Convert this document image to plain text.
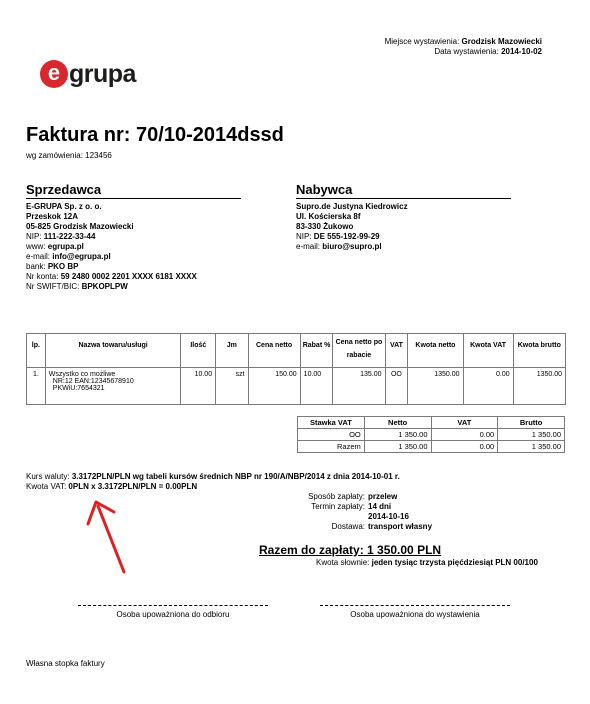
Miejsce wystawienia: Grodzisk Mazowiecki
Data wystawienia: 2014-10-02
e grupa
Faktura nr: 70/10-2014dssd
wg zamówienia: 123456
Sprzedawca
E-GRUPA Sp. z o. o.
Przeskok 12A
05-825 Grodzisk Mazowiecki
NIP: 111-222-33-44
www: egrupa.pl
e-mail: info@egrupa.pl
bank: PKO BP
Nr konta: 59 2480 0002 2201 XXXX 6181 XXXX
Nr SWIFT/BIC: BPKOPLPW
Nabywca
Supro.de Justyna Kiedrowicz
Ul. Kościerska 8f
83-330 Żukowo
NIP: DE 555-192-99-29
e-mail: biuro@supro.pl
lp.	Nazwa towaru/usługi	Ilość	Jm	Cena netto	Rabat %	Cena netto po rabacie	VAT	Kwota netto	Kwota VAT	Kwota brutto
1.	Wszystko co możliwe
NR:12 EAN:12345678910
PKWiU:7654321	10.00	szt	150.00	10.00	135.00	OO	1350.00	0.00	1350.00
Stawka VAT	Netto	VAT	Brutto
OO	1 350.00	0.00	1 350.00
Razem	1 350.00	0.00	1 350.00
Kurs waluty: 3.3172PLN/PLN wg tabeli kursów średnich NBP nr 190/A/NBP/2014 z dnia 2014-10-01 r.
Kwota VAT: 0PLN x 3.3172PLN/PLN = 0.00PLN
Sposób zapłaty: przelew
Termin zapłaty: 14 dni
2014-10-16
Dostawa: transport własny
Razem do zapłaty: 1 350.00 PLN
Kwota słownie: jeden tysiąc trzysta pięćdziesiąt PLN 00/100
Osoba upoważniona do odbioru	Osoba upoważniona do wystawienia
Własna stopka faktury
